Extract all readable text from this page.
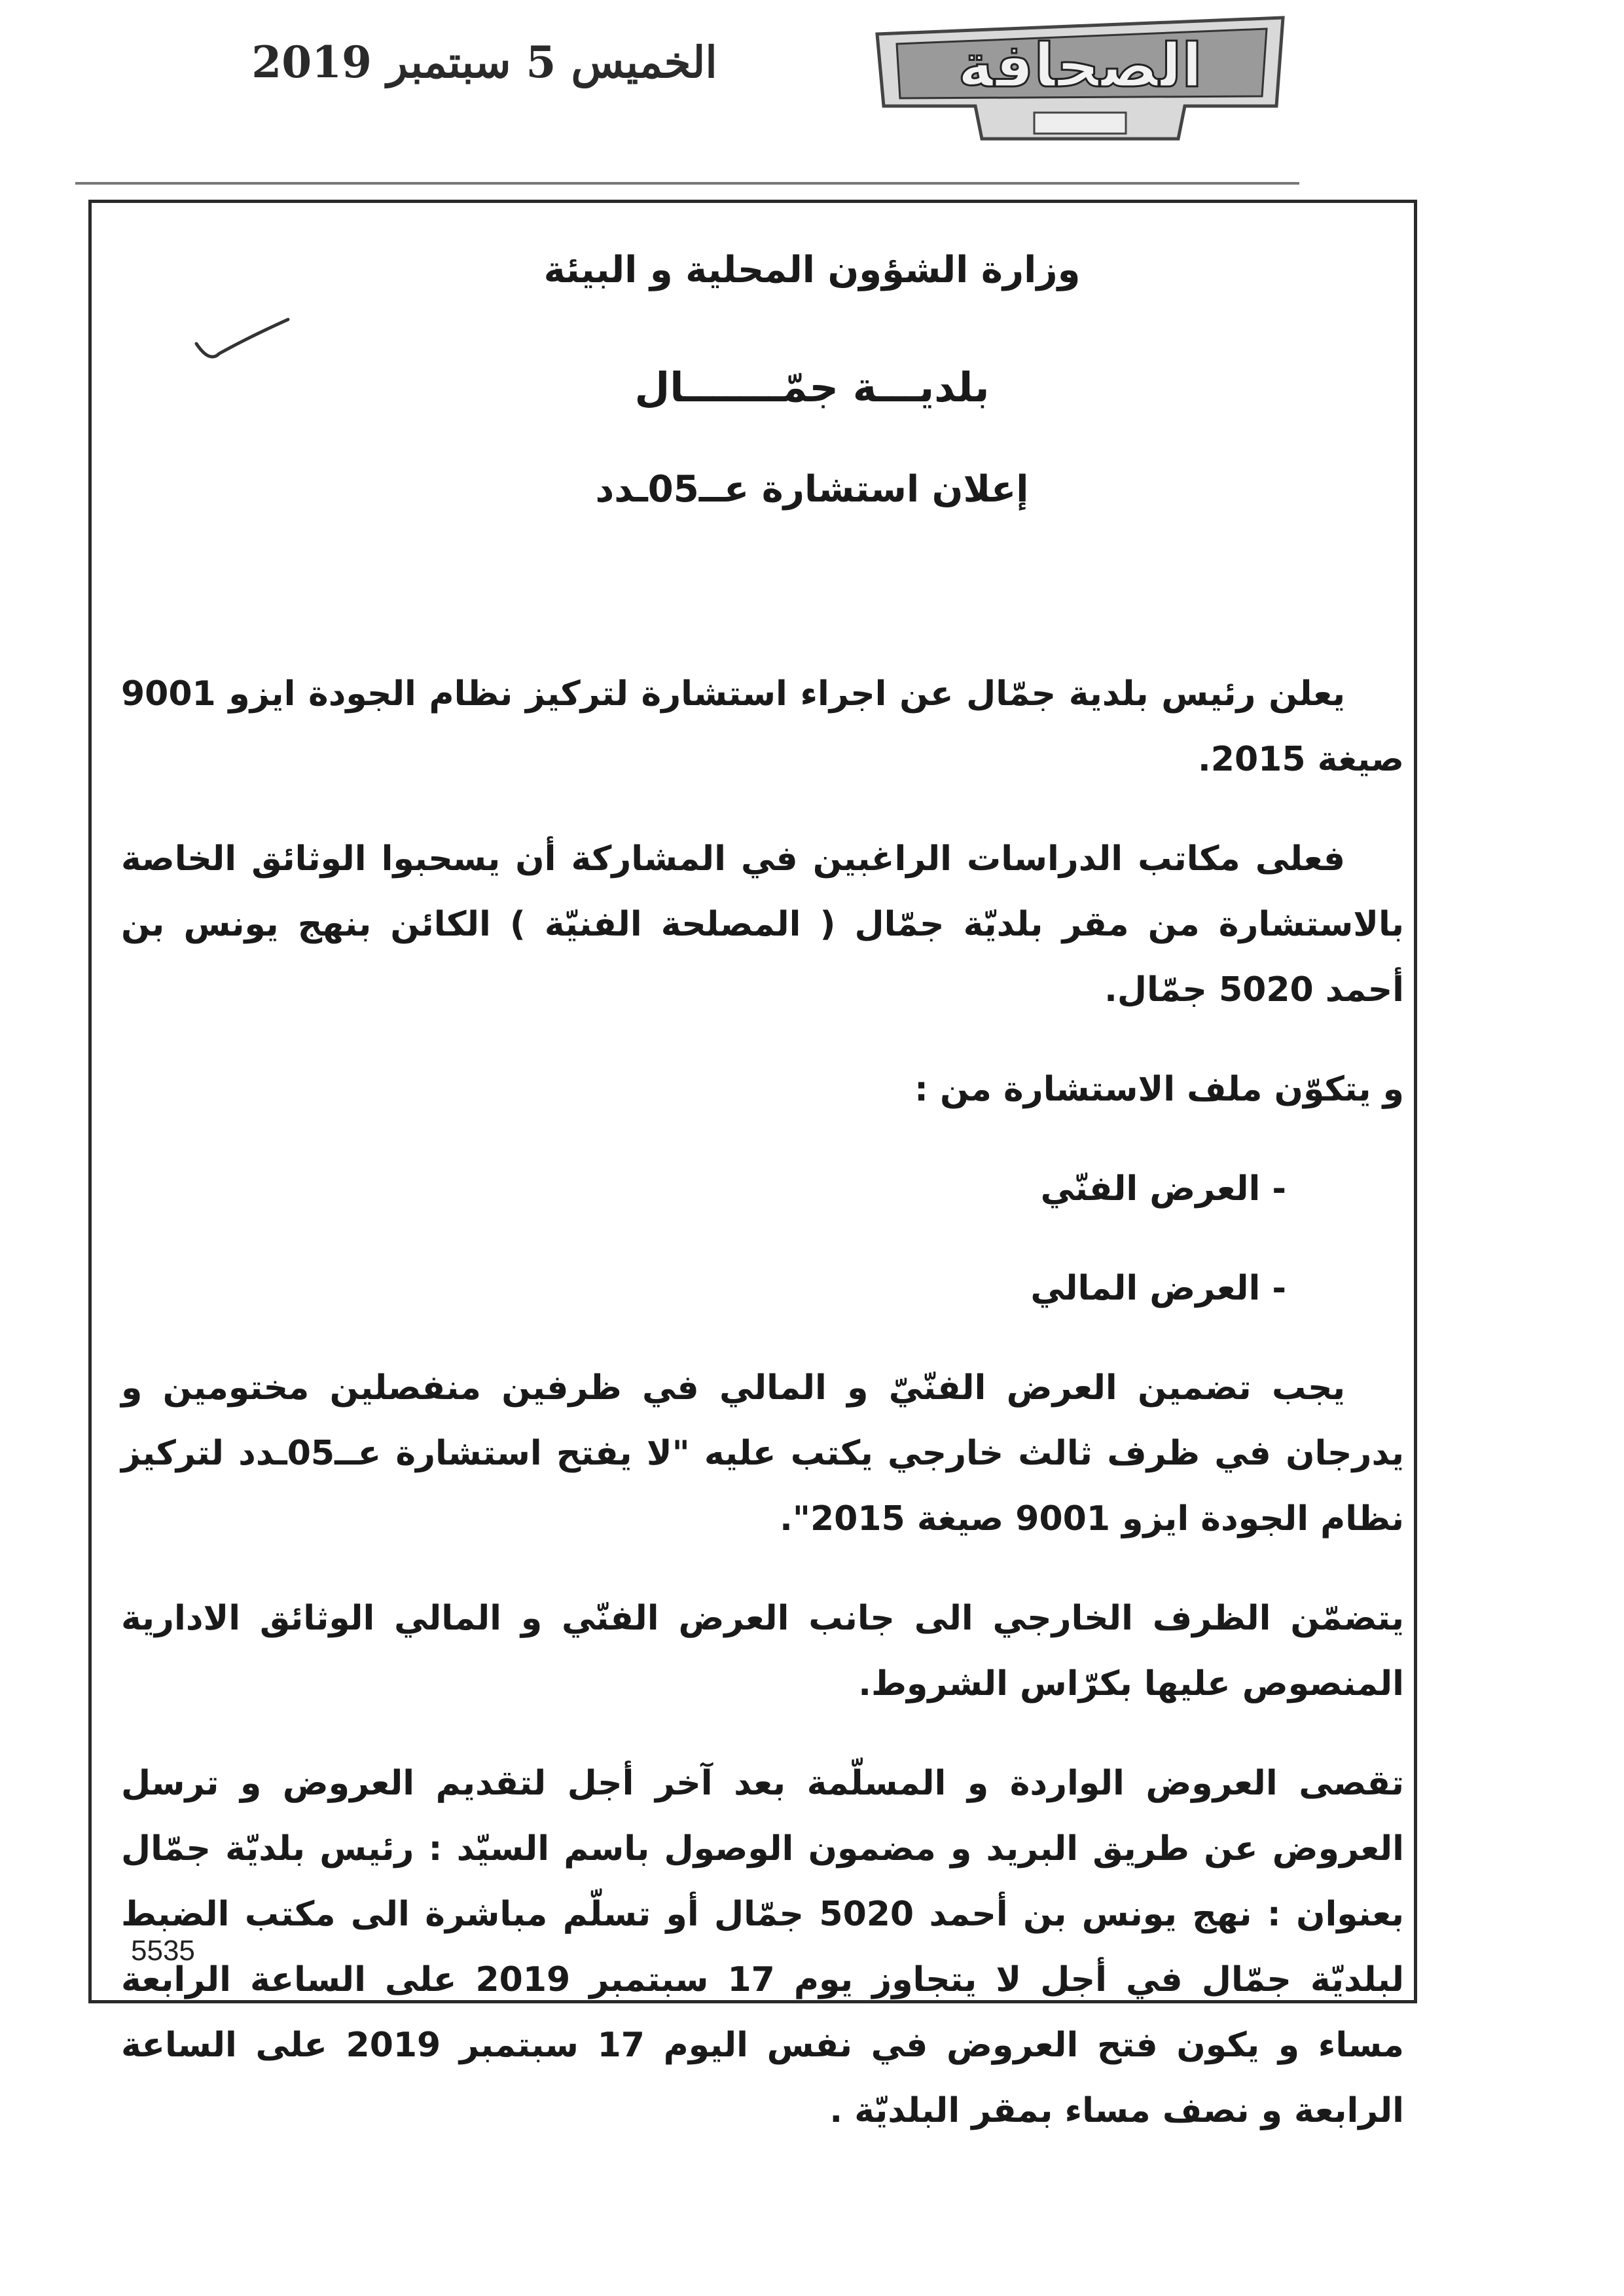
الخميس 5 سبتمبر 2019	الصحافة
وزارة الشؤون المحلية و البيئة
بلديـــة جمّـــــــال
إعلان استشارة عــ05ـدد

يعلن رئيس بلدية جمّال عن اجراء استشارة لتركيز نظام الجودة ايزو 9001 صيغة 2015.

فعلى مكاتب الدراسات الراغبين في المشاركة أن يسحبوا الوثائق الخاصة بالاستشارة من مقر بلديّة جمّال ( المصلحة الفنيّة ) الكائن بنهج يونس بن أحمد 5020 جمّال.

و يتكوّن ملف الاستشارة من :

- العرض الفنّي

- العرض المالي

يجب تضمين العرض الفنّيّ و المالي في ظرفين منفصلين مختومين و يدرجان في ظرف ثالث خارجي يكتب عليه "لا يفتح استشارة عــ05ـدد لتركيز نظام الجودة ايزو 9001 صيغة 2015".

يتضمّن الظرف الخارجي الى جانب العرض الفنّي و المالي الوثائق الادارية المنصوص عليها بكرّاس الشروط.

تقصى العروض الواردة و المسلّمة بعد آخر أجل لتقديم العروض و ترسل العروض عن طريق البريد و مضمون الوصول باسم السيّد : رئيس بلديّة جمّال بعنوان : نهج يونس بن أحمد 5020 جمّال أو تسلّم مباشرة الى مكتب الضبط لبلديّة جمّال في أجل لا يتجاوز يوم 17 سبتمبر 2019 على الساعة الرابعة مساء و يكون فتح العروض في نفس اليوم 17 سبتمبر 2019 على الساعة الرابعة و نصف مساء بمقر البلديّة .

5535
